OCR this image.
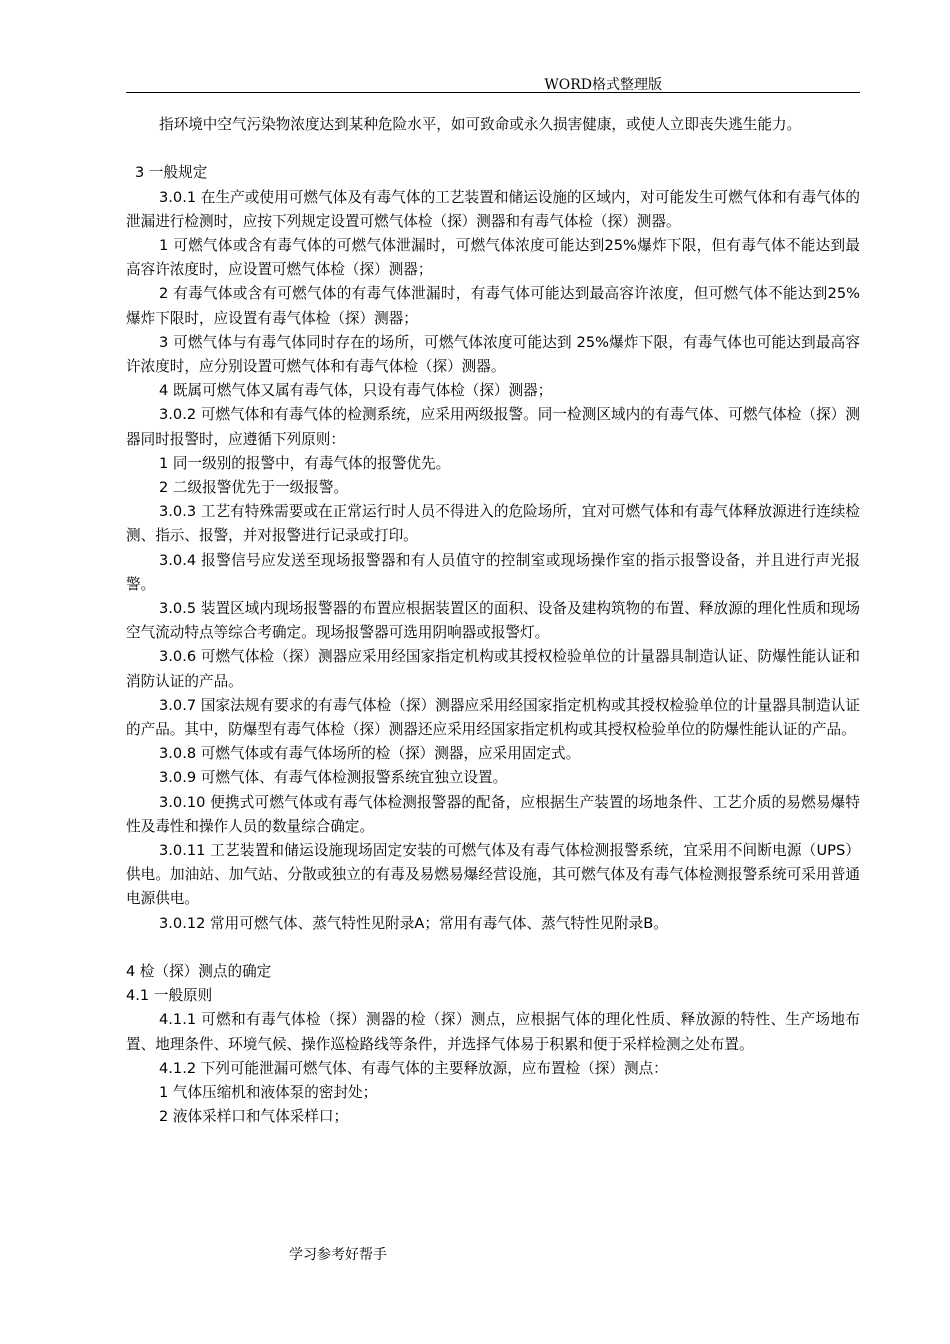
WORD格式整理版

指环境中空气污染物浓度达到某种危险水平，如可致命或永久损害健康，或使人立即丧失逃生能力。

3 一般规定

3.0.1 在生产或使用可燃气体及有毒气体的工艺装置和储运设施的区域内，对可能发生可燃气体和有毒气体的泄漏进行检测时，应按下列规定设置可燃气体检（探）测器和有毒气体检（探）测器。

1 可燃气体或含有毒气体的可燃气体泄漏时，可燃气体浓度可能达到25%爆炸下限，但有毒气体不能达到最高容许浓度时，应设置可燃气体检（探）测器；

2 有毒气体或含有可燃气体的有毒气体泄漏时，有毒气体可能达到最高容许浓度，但可燃气体不能达到25%爆炸下限时，应设置有毒气体检（探）测器；

3 可燃气体与有毒气体同时存在的场所，可燃气体浓度可能达到 25%爆炸下限，有毒气体也可能达到最高容许浓度时，应分别设置可燃气体和有毒气体检（探）测器。

4 既属可燃气体又属有毒气体，只设有毒气体检（探）测器；

3.0.2 可燃气体和有毒气体的检测系统，应采用两级报警。同一检测区域内的有毒气体、可燃气体检（探）测器同时报警时，应遵循下列原则：

1 同一级别的报警中，有毒气体的报警优先。

2 二级报警优先于一级报警。

3.0.3 工艺有特殊需要或在正常运行时人员不得进入的危险场所，宜对可燃气体和有毒气体释放源进行连续检测、指示、报警，并对报警进行记录或打印。

3.0.4 报警信号应发送至现场报警器和有人员值守的控制室或现场操作室的指示报警设备，并且进行声光报警。

3.0.5 装置区域内现场报警器的布置应根据装置区的面积、设备及建构筑物的布置、释放源的理化性质和现场空气流动特点等综合考确定。现场报警器可选用阴响器或报警灯。

3.0.6 可燃气体检（探）测器应采用经国家指定机构或其授权检验单位的计量器具制造认证、防爆性能认证和消防认证的产品。

3.0.7 国家法规有要求的有毒气体检（探）测器应采用经国家指定机构或其授权检验单位的计量器具制造认证的产品。其中，防爆型有毒气体检（探）测器还应采用经国家指定机构或其授权检验单位的防爆性能认证的产品。

3.0.8 可燃气体或有毒气体场所的检（探）测器，应采用固定式。

3.0.9 可燃气体、有毒气体检测报警系统宜独立设置。

3.0.10 便携式可燃气体或有毒气体检测报警器的配备，应根据生产装置的场地条件、工艺介质的易燃易爆特性及毒性和操作人员的数量综合确定。

3.0.11 工艺装置和储运设施现场固定安装的可燃气体及有毒气体检测报警系统，宜采用不间断电源（UPS）供电。加油站、加气站、分散或独立的有毒及易燃易爆经营设施，其可燃气体及有毒气体检测报警系统可采用普通电源供电。

3.0.12 常用可燃气体、蒸气特性见附录A；常用有毒气体、蒸气特性见附录B。

4 检（探）测点的确定

4.1 一般原则

4.1.1 可燃和有毒气体检（探）测器的检（探）测点，应根据气体的理化性质、释放源的特性、生产场地布置、地理条件、环境气候、操作巡检路线等条件，并选择气体易于积累和便于采样检测之处布置。

4.1.2 下列可能泄漏可燃气体、有毒气体的主要释放源，应布置检（探）测点：

1 气体压缩机和液体泵的密封处；

2 液体采样口和气体采样口；

学习参考好帮手
